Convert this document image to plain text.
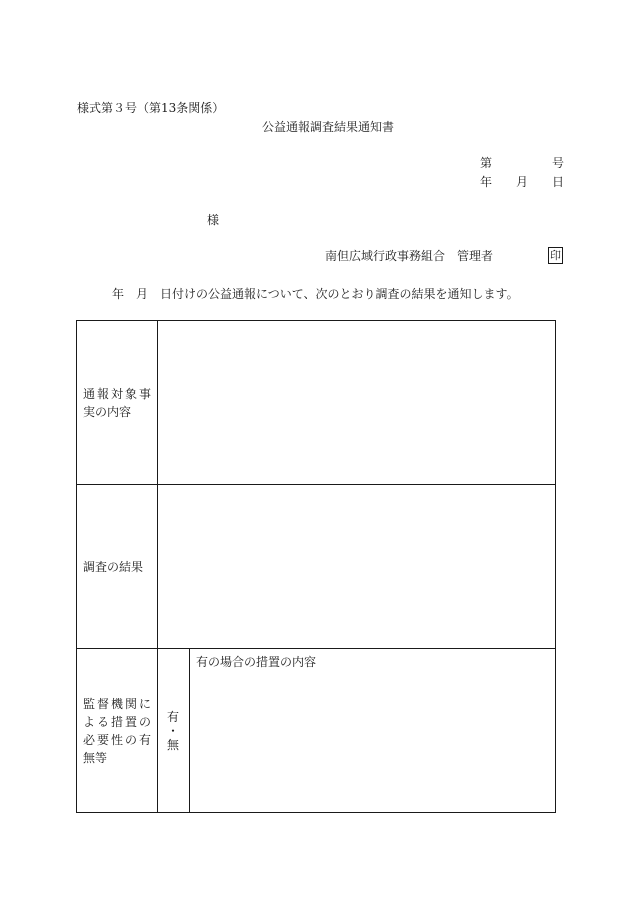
様式第３号（第13条関係）
公益通報調査結果通知書
第	号
年 月 日
様
南但広域行政事務組合　管理者	印
年　月　日付けの公益通報について、次のとおり調査の結果を通知します。
通報対象事
実の内容
調査の結果
監督機関に
よる措置の
必要性の有
無等
有
・
無
有の場合の措置の内容
